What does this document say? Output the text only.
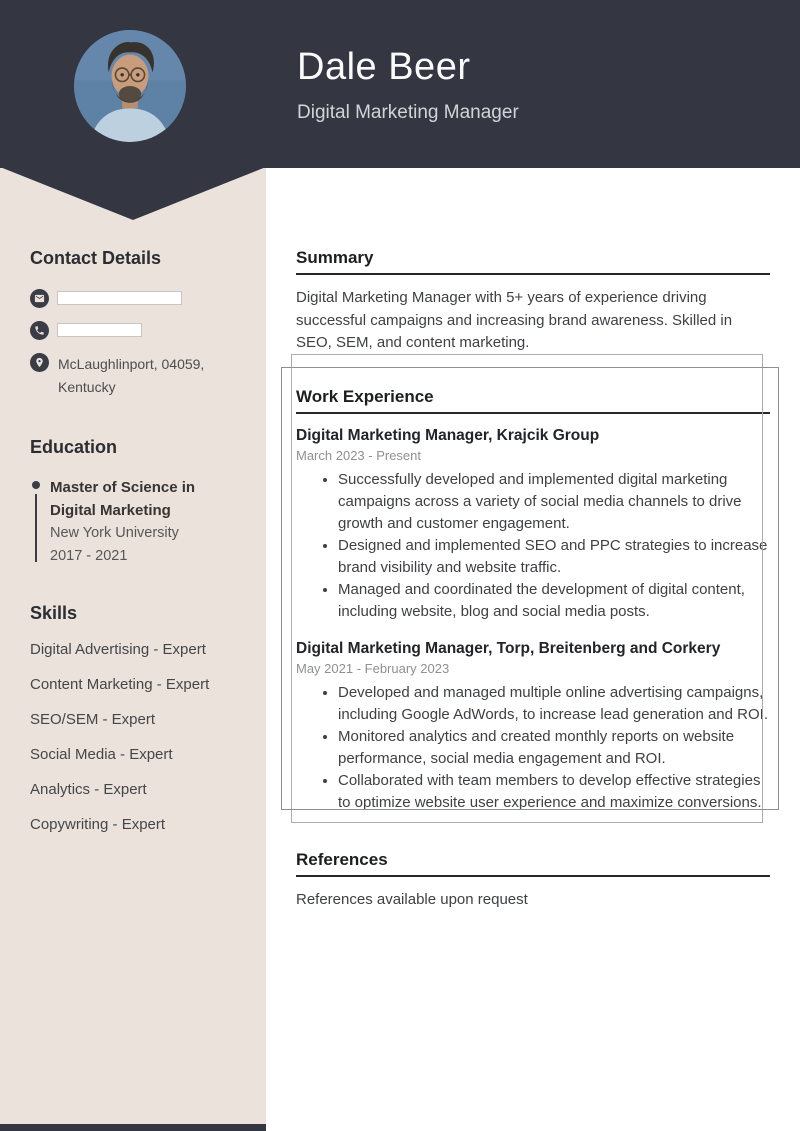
Dale Beer
Digital Marketing Manager
Contact Details
McLaughlinport, 04059, Kentucky
Education
Master of Science in Digital Marketing
New York University
2017 - 2021
Skills
Digital Advertising - Expert
Content Marketing - Expert
SEO/SEM - Expert
Social Media - Expert
Analytics - Expert
Copywriting - Expert
Summary
Digital Marketing Manager with 5+ years of experience driving successful campaigns and increasing brand awareness. Skilled in SEO, SEM, and content marketing.
Work Experience
Digital Marketing Manager, Krajcik Group
March 2023 - Present
• Successfully developed and implemented digital marketing campaigns across a variety of social media channels to drive growth and customer engagement.
• Designed and implemented SEO and PPC strategies to increase brand visibility and website traffic.
• Managed and coordinated the development of digital content, including website, blog and social media posts.
Digital Marketing Manager, Torp, Breitenberg and Corkery
May 2021 - February 2023
• Developed and managed multiple online advertising campaigns, including Google AdWords, to increase lead generation and ROI.
• Monitored analytics and created monthly reports on website performance, social media engagement and ROI.
• Collaborated with team members to develop effective strategies to optimize website user experience and maximize conversions.
References
References available upon request
